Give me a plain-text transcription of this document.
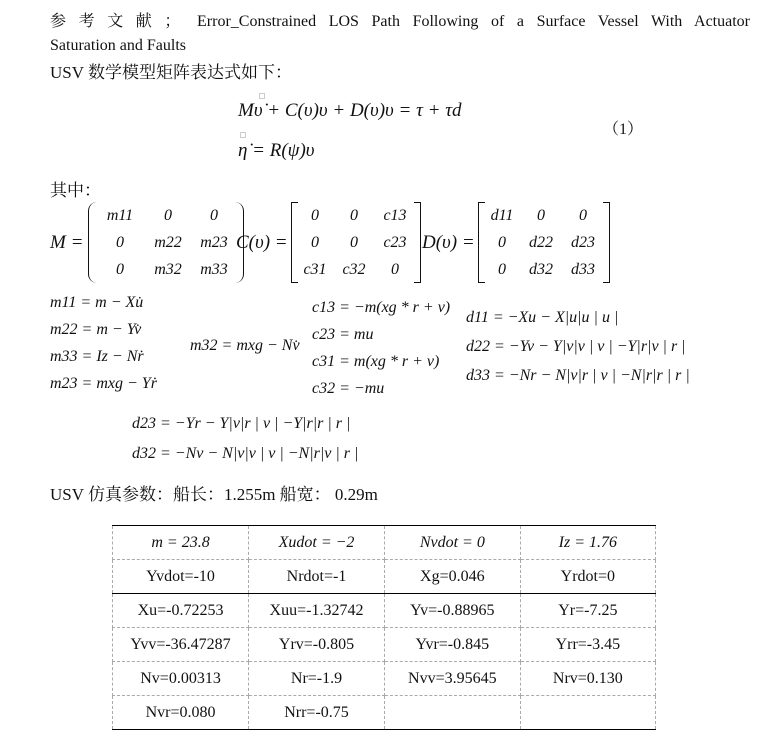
参考文献； Error_Constrained LOS Path Following of a Surface Vessel With Actuator
Saturation and Faults
USV 数学模型矩阵表达式如下：
Mυ̇ + C(υ)υ + D(υ)υ = τ + τd
η̇ = R(ψ)υ
（1）
其中：
M =
m11	0	0
0	m22	m23
0	m32	m33
C(υ) =
0	0	c13
0	0	c23
c31	c32	0
D(υ) =
d11	0	0
0	d22	d23
0	d32	d33
m11 = m − Xu̇
m22 = m − Yv̇
m33 = Iz − Nṙ
m23 = mxg − Yṙ
m32 = mxg − Nv̇
c13 = −m(xg * r + v)
c23 = mu
c31 = m(xg * r + v)
c32 = −mu
d11 = −Xu − X|u|u | u |
d22 = −Yv − Y|v|v | v | −Y|r|v | r |
d33 = −Nr − N|v|r | v | −N|r|r | r |
d23 = −Yr − Y|v|r | v | −Y|r|r | r |
d32 = −Nv − N|v|v | v | −N|r|v | r |
USV 仿真参数：船长：1.255m 船宽： 0.29m
m = 23.8	Xudot = −2	Nvdot = 0	Iz = 1.76
Yvdot=-10	Nrdot=-1	Xg=0.046	Yrdot=0
Xu=-0.72253	Xuu=-1.32742	Yv=-0.88965	Yr=-7.25
Yvv=-36.47287	Yrv=-0.805	Yvr=-0.845	Yrr=-3.45
Nv=0.00313	Nr=-1.9	Nvv=3.95645	Nrv=0.130
Nvr=0.080	Nrr=-0.75		
